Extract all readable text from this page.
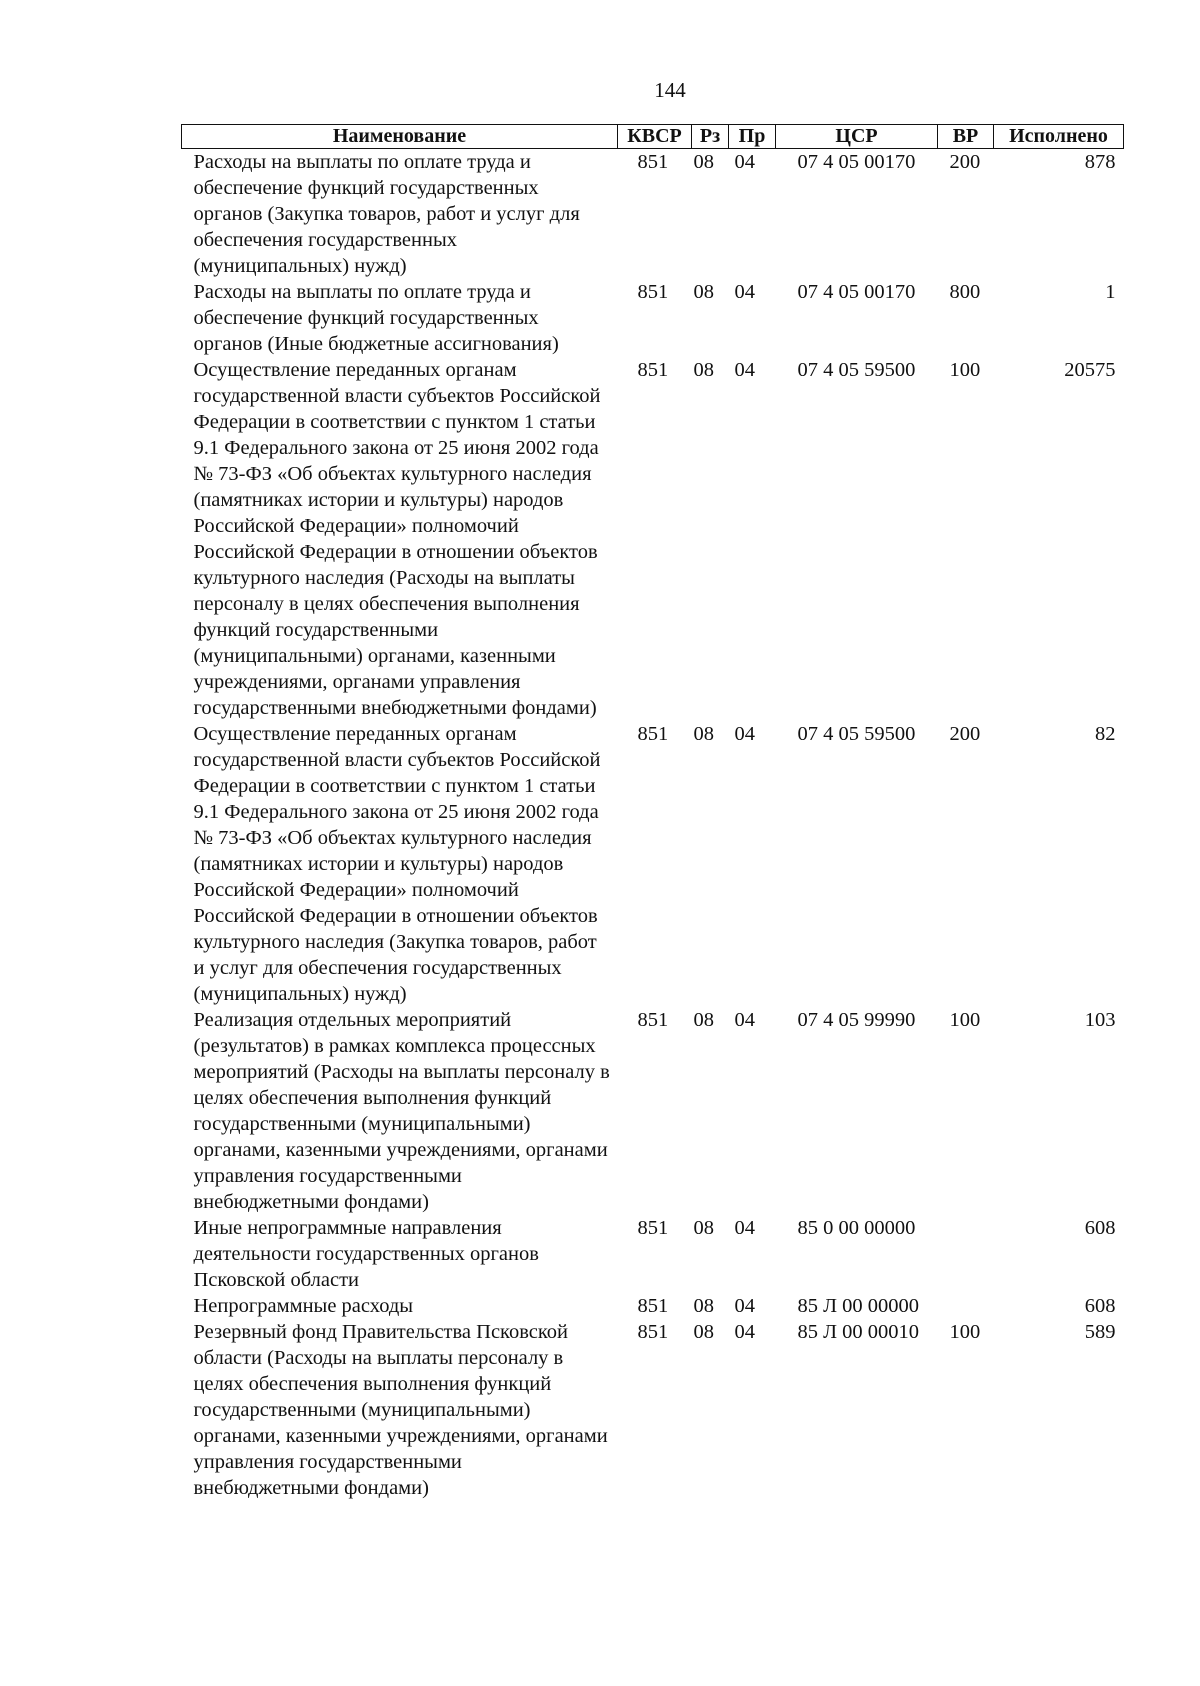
144
Наименование	КВСР	Рз	Пр	ЦСР	ВР	Исполнено
Расходы на выплаты по оплате труда и обеспечение функций государственных органов (Закупка товаров, работ и услуг для обеспечения государственных (муниципальных) нужд)	851	08	04	07 4 05 00170	200	878
Расходы на выплаты по оплате труда и обеспечение функций государственных органов (Иные бюджетные ассигнования)	851	08	04	07 4 05 00170	800	1
Осуществление переданных органам государственной власти субъектов Российской Федерации в соответствии с пунктом 1 статьи 9.1 Федерального закона от 25 июня 2002 года № 73-ФЗ «Об объектах культурного наследия (памятниках истории и культуры) народов Российской Федерации» полномочий Российской Федерации в отношении объектов культурного наследия (Расходы на выплаты персоналу в целях обеспечения выполнения функций государственными (муниципальными) органами, казенными учреждениями, органами управления государственными внебюджетными фондами)	851	08	04	07 4 05 59500	100	20575
Осуществление переданных органам государственной власти субъектов Российской Федерации в соответствии с пунктом 1 статьи 9.1 Федерального закона от 25 июня 2002 года № 73-ФЗ «Об объектах культурного наследия (памятниках истории и культуры) народов Российской Федерации» полномочий Российской Федерации в отношении объектов культурного наследия (Закупка товаров, работ и услуг для обеспечения государственных (муниципальных) нужд)	851	08	04	07 4 05 59500	200	82
Реализация отдельных мероприятий (результатов) в рамках комплекса процессных мероприятий (Расходы на выплаты персоналу в целях обеспечения выполнения функций государственными (муниципальными) органами, казенными учреждениями, органами управления государственными внебюджетными фондами)	851	08	04	07 4 05 99990	100	103
Иные непрограммные направления деятельности государственных органов Псковской области	851	08	04	85 0 00 00000		608
Непрограммные расходы	851	08	04	85 Л 00 00000		608
Резервный фонд Правительства Псковской области (Расходы на выплаты персоналу в целях обеспечения выполнения функций государственными (муниципальными) органами, казенными учреждениями, органами управления государственными внебюджетными фондами)	851	08	04	85 Л 00 00010	100	589
